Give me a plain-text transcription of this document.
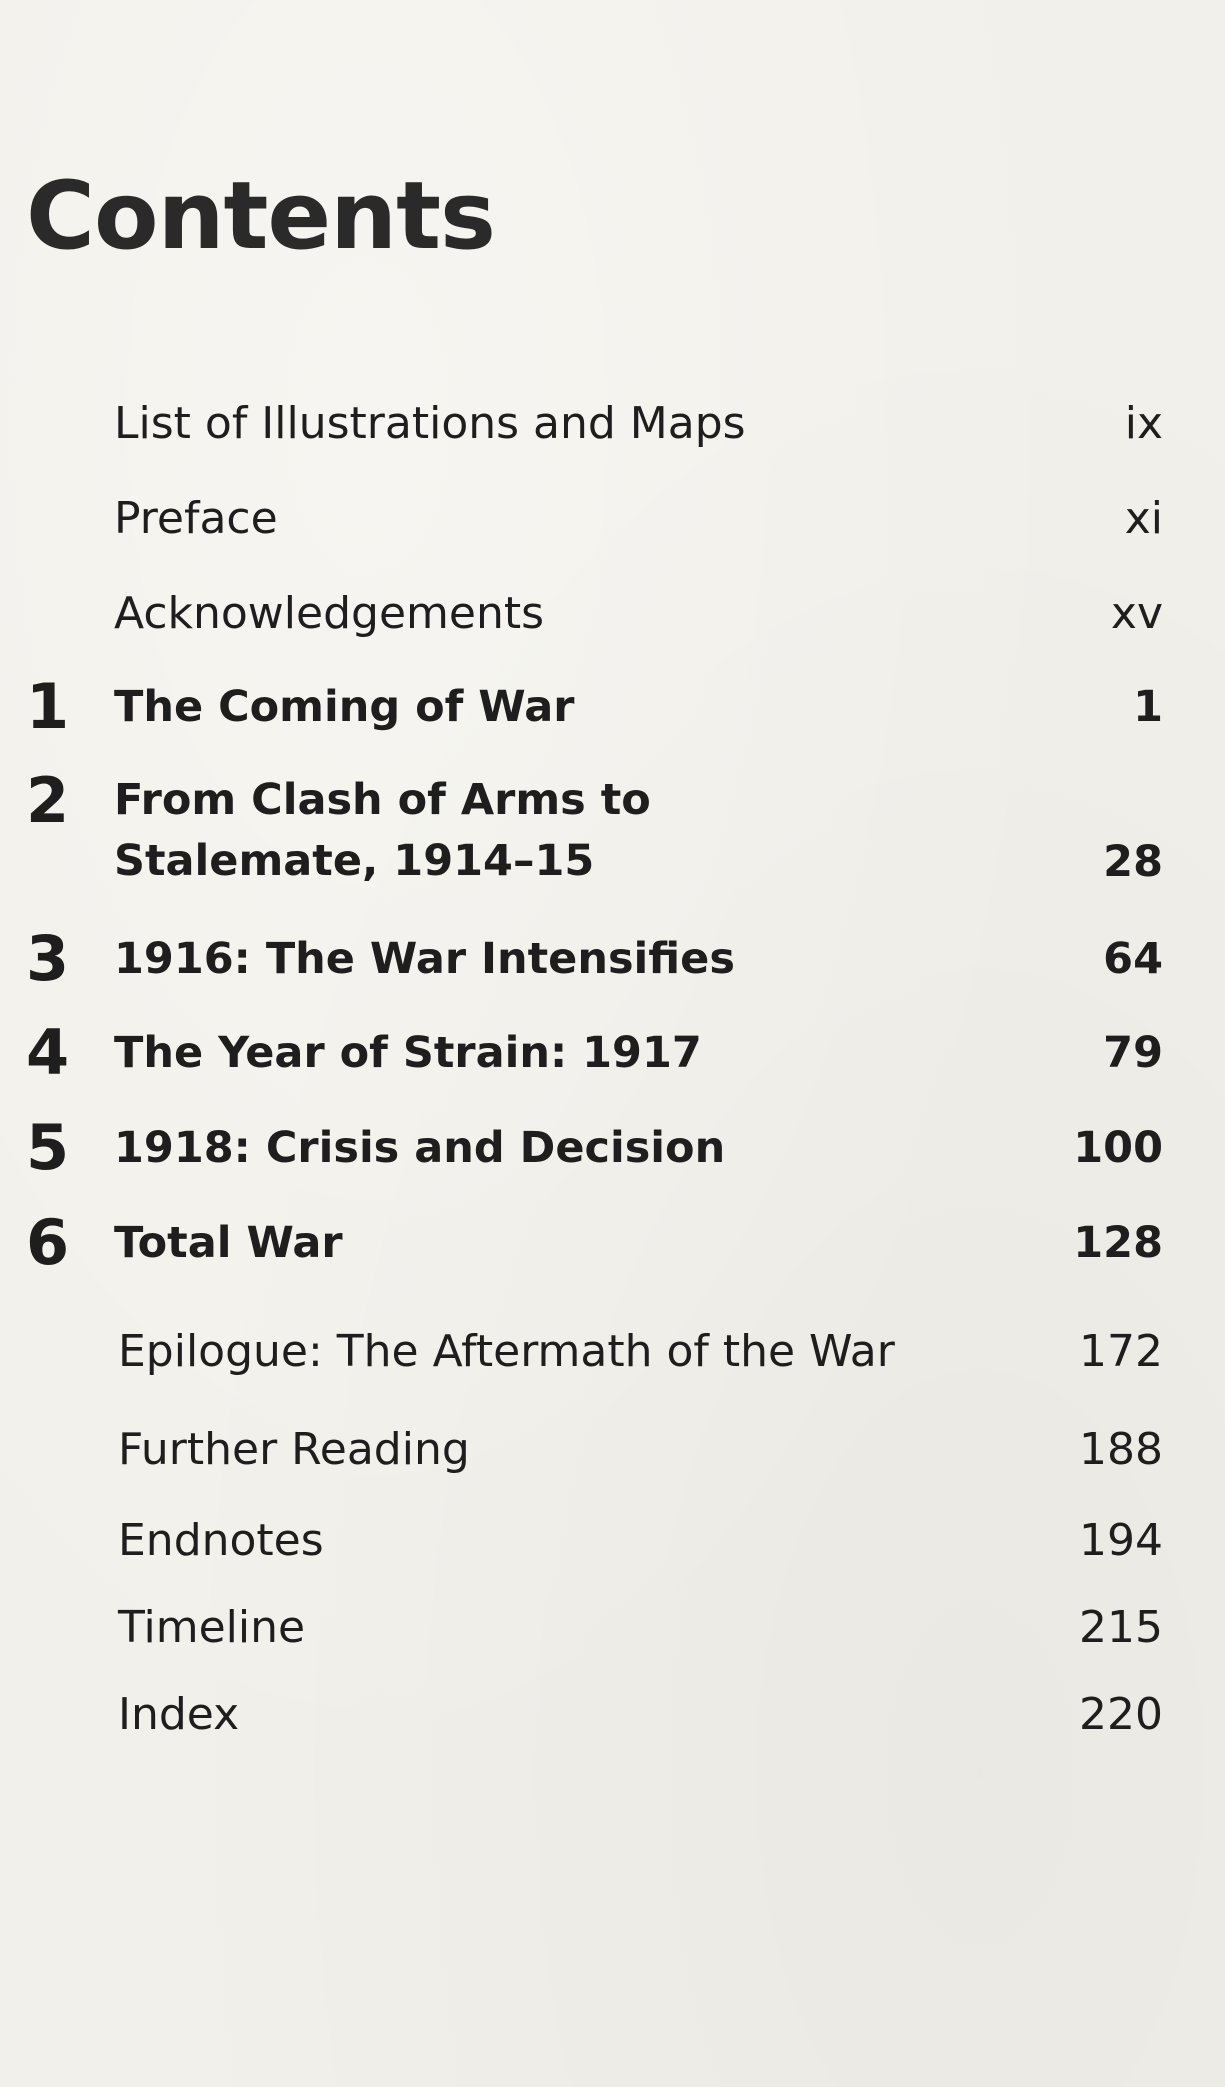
Contents
List of Illustrations and Maps	ix
Preface	xi
Acknowledgements	xv
1 The Coming of War	1
2 From Clash of Arms to Stalemate, 1914–15	28
3 1916: The War Intensifies	64
4 The Year of Strain: 1917	79
5 1918: Crisis and Decision	100
6 Total War	128
Epilogue: The Aftermath of the War	172
Further Reading	188
Endnotes	194
Timeline	215
Index	220
